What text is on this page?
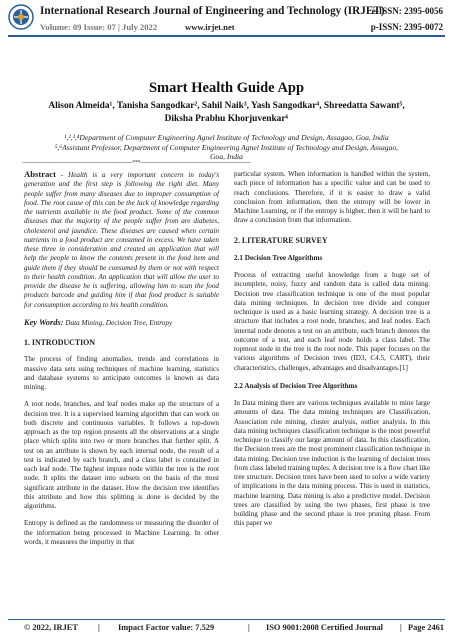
International Research Journal of Engineering and Technology (IRJET)
Volume: 09 Issue: 07 | July 2022	www.irjet.net
e-ISSN: 2395-0056
p-ISSN: 2395-0072
Smart Health Guide App
Alison Almeida¹, Tanisha Sangodkar², Sahil Naik³, Yash Sangodkar⁴, Shreedatta Sawant⁵,
Diksha Prabhu Khorjuvenkar⁶
¹,²,³,⁴Department of Computer Engineering Agnel Institute of Technology and Design, Assagao, Goa, India
⁵,⁶Assistant Professor, Department of Computer Engineering Agnel Institute of Technology and Design, Assagao,
Goa, India
---------------------------------------------------------------------***---------------------------------------------------------------------

Abstract - Health is a very important concern in today's generation and the first step is following the right diet. Many people suffer from many diseases due to improper consumption of food. The root cause of this can be the lack of knowledge regarding the nutrients available in the food product. Some of the common diseases that the majority of the people suffer from are diabetes, cholesterol and jaundice. These diseases are caused when certain nutrients in a food product are consumed in excess. We have taken these three in consideration and created an application that will help the people to know the contents present in the food item and guide them if they should be consumed by them or not with respect to their health condition. An application that will allow the user to provide the disease he is suffering, allowing him to scan the food products barcode and guiding him if that food product is suitable for consumption according to his health condition.

Key Words: Data Mining, Decision Tree, Entropy

1. INTRODUCTION

The process of finding anomalies, trends and correlations in massive data sets using techniques of machine learning, statistics and database systems to anticipate outcomes is known as data mining.

A root node, branches, and leaf nodes make up the structure of a decision tree. It is a supervised learning algorithm that can work on both discrete and continuous variables. It follows a top-down approach as the top region presents all the observations at a single place which splits into two or more branches that further split. A test on an attribute is shown by each internal node, the result of a test is indicated by each branch, and a class label is contained in each leaf node. The highest impure node within the tree is the root node. It splits the dataset into subsets on the basis of the most significant attribute in the dataset. How the decision tree identifies this attribute and how this splitting is done is decided by the algorithms.

Entropy is defined as the randomness or measuring the disorder of the information being processed in Machine Learning. In other words, it measures the impurity in that

particular system. When information is handled within the system, each piece of information has a specific value and can be used to reach conclusions. Therefore, if it is easier to draw a valid conclusion from information, then the entropy will be lower in Machine Learning, or if the entropy is higher, then it will be hard to draw a conclusion from that information.

2. LITERATURE SURVEY

2.1 Decision Tree Algorithms

Process of extracting useful knowledge from a huge set of incomplete, noisy, fuzzy and random data is called data mining. Decision tree classification technique is one of the most popular data mining techniques. In decision tree divide and conquer technique is used as a basic learning strategy. A decision tree is a structure that includes a root node, branches, and leaf nodes. Each internal node denotes a test on an attribute, each branch denotes the outcome of a test, and each leaf node holds a class label. The topmost node in the tree is the root node. This paper focuses on the various algorithms of Decision trees (ID3, C4.5, CART), their characteristics, challenges, advantages and disadvantages.[1]

2.2 Analysis of Decision Tree Algorithms

In Data mining there are various techniques available to mine large amounts of data. The data mining techniques are Classification, Association rule mining, cluster analysis, outlier analysis. In this data mining techniques classification technique is the most powerful technique to classify our large amount of data. In this classification, the Decision trees are the most prominent classification technique in data mining. Decision tree induction is the learning of decision trees from class labeled training tuples. A decision tree is a flow chart like tree structure. Decision trees have been used to solve a wide variety of implications in the data mining process. This is used in statistics, machine learning. Data mining is also a predictive model. Decision trees are classified by using the two phases, first phase is tree building phase and the second phase is tree pruning phase. From this paper we

© 2022, IRJET | Impact Factor value: 7.529	| ISO 9001:2008 Certified Journal | Page 2461
